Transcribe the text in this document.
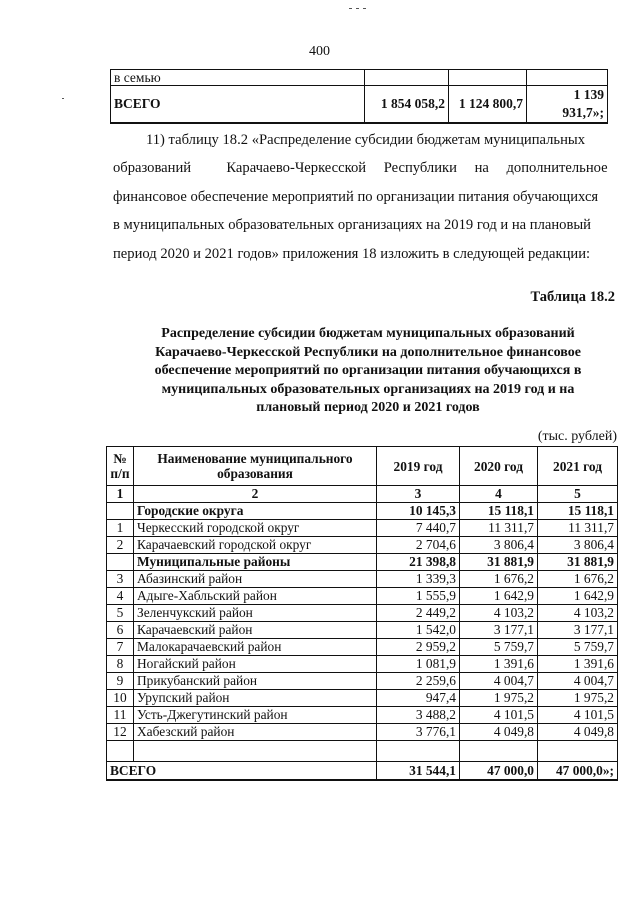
400
в семью			
ВСЕГО	1 854 058,2	1 124 800,7	1 139 931,7»;
11) таблицу 18.2 «Распределение субсидии бюджетам муниципальных
образований  Карачаево-Черкесской Республики на дополнительное
финансовое обеспечение мероприятий по организации питания обучающихся
в муниципальных образовательных организациях на 2019 год и на плановый
период 2020 и 2021 годов» приложения 18 изложить в следующей редакции:
Таблица 18.2
Распределение субсидии бюджетам муниципальных образований
Карачаево-Черкесской Республики на дополнительное финансовое
обеспечение мероприятий по организации питания обучающихся в
муниципальных образовательных организациях на 2019 год и на
плановый период 2020 и 2021 годов
(тыс. рублей)
№ п/п	Наименование муниципального образования	2019 год	2020 год	2021 год
1	2	3	4	5
	Городские округа	10 145,3	15 118,1	15 118,1
1	Черкесский городской округ	7 440,7	11 311,7	11 311,7
2	Карачаевский городской округ	2 704,6	3 806,4	3 806,4
	Муниципальные районы	21 398,8	31 881,9	31 881,9
3	Абазинский район	1 339,3	1 676,2	1 676,2
4	Адыге-Хабльский район	1 555,9	1 642,9	1 642,9
5	Зеленчукский район	2 449,2	4 103,2	4 103,2
6	Карачаевский район	1 542,0	3 177,1	3 177,1
7	Малокарачаевский район	2 959,2	5 759,7	5 759,7
8	Ногайский район	1 081,9	1 391,6	1 391,6
9	Прикубанский район	2 259,6	4 004,7	4 004,7
10	Урупский район	947,4	1 975,2	1 975,2
11	Усть-Джегутинский район	3 488,2	4 101,5	4 101,5
12	Хабезский район	3 776,1	4 049,8	4 049,8

ВСЕГО		31 544,1	47 000,0	47 000,0»;
